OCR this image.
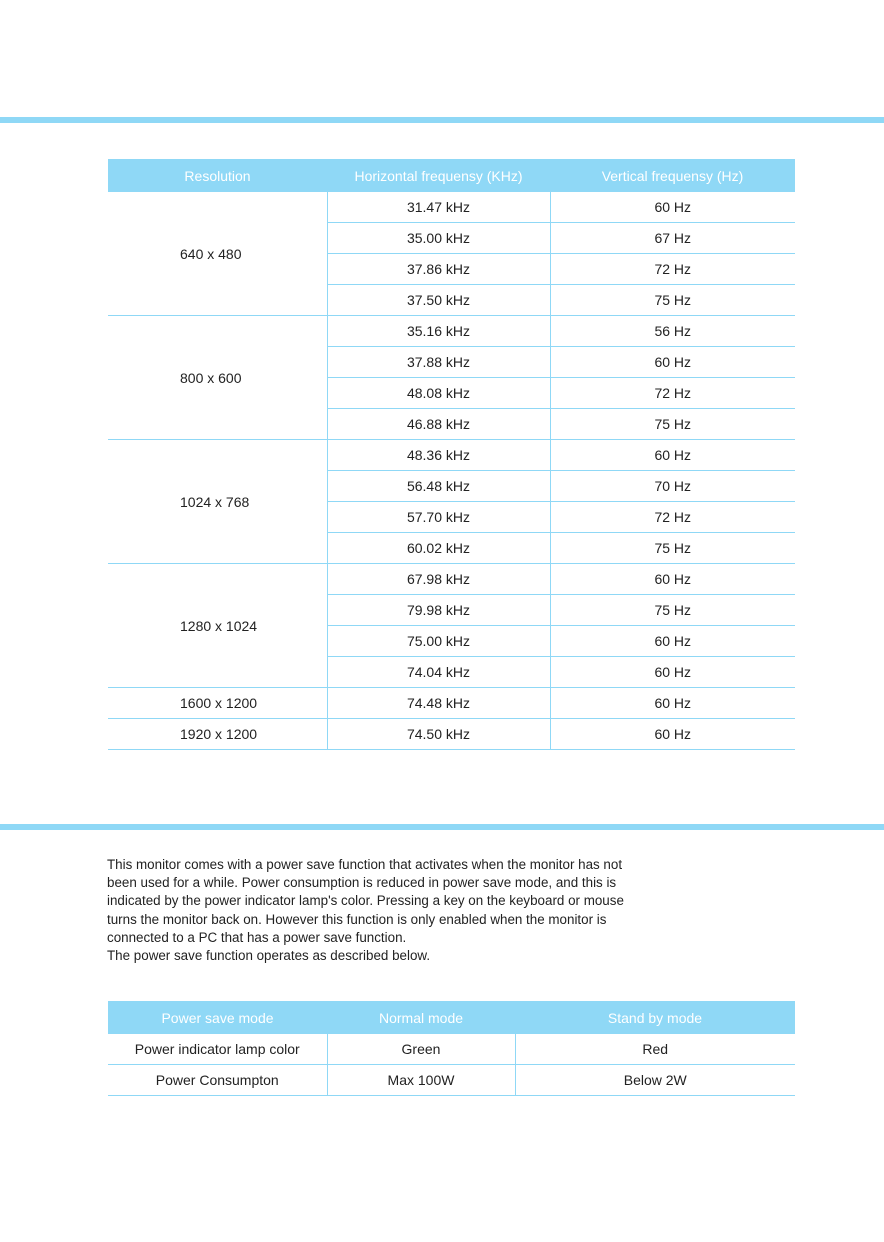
Resolution	Horizontal frequensy (KHz)	Vertical frequensy (Hz)
640 x 480	31.47 kHz	60 Hz
	35.00 kHz	67 Hz
	37.86 kHz	72 Hz
	37.50 kHz	75 Hz
800 x 600	35.16 kHz	56 Hz
	37.88 kHz	60 Hz
	48.08 kHz	72 Hz
	46.88 kHz	75 Hz
1024 x 768	48.36 kHz	60 Hz
	56.48 kHz	70 Hz
	57.70 kHz	72 Hz
	60.02 kHz	75 Hz
1280 x 1024	67.98 kHz	60 Hz
	79.98 kHz	75 Hz
	75.00 kHz	60 Hz
	74.04 kHz	60 Hz
1600 x 1200	74.48 kHz	60 Hz
1920 x 1200	74.50 kHz	60 Hz

This monitor comes with a power save function that activates when the monitor has not

been used for a while. Power consumption is reduced in power save mode, and this is

indicated by the power indicator lamp's color. Pressing a key on the keyboard or mouse

turns the monitor back on. However this function is only enabled when the monitor is

connected to a PC that has a power save function.

The power save function operates as described below.

Power save mode	Normal mode	Stand by mode
Power indicator lamp color	Green	Red
Power Consumpton	Max 100W	Below 2W
